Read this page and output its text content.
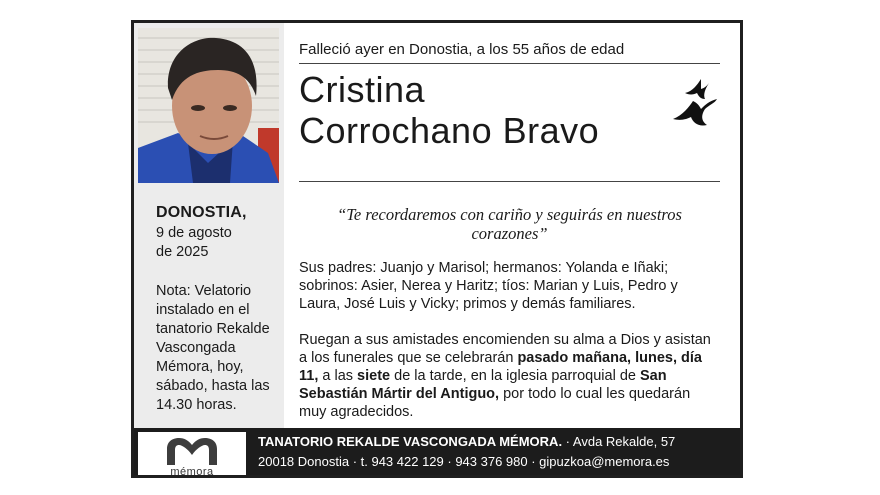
DONOSTIA,
9 de agosto
de 2025
Nota: Velatorio instalado en el tanatorio Rekalde Vascongada Mémora, hoy, sábado, hasta las 14.30 horas.
Falleció ayer en Donostia, a los 55 años de edad
Cristina
Corrochano Bravo
“Te recordaremos con cariño y seguirás en nuestros corazones”
Sus padres: Juanjo y Marisol; hermanos: Yolanda e Iñaki; sobrinos: Asier, Nerea y Haritz; tíos: Marian y Luis, Pedro y Laura, José Luis y Vicky; primos y demás familiares.
Ruegan a sus amistades encomienden su alma a Dios y asistan a los funerales que se celebrarán pasado mañana, lunes, día 11, a las siete de la tarde, en la iglesia parroquial de San Sebastián Mártir del Antiguo, por todo lo cual les quedarán muy agradecidos.
mémora
TANATORIO REKALDE VASCONGADA MÉMORA. · Avda Rekalde, 57
20018 Donostia · t. 943 422 129 · 943 376 980 · gipuzkoa@memora.es
